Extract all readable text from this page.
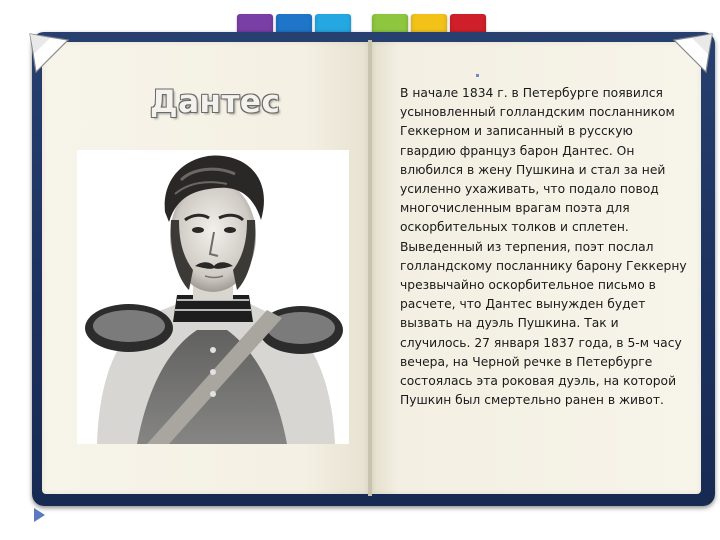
Дантес	В начале 1834 г. в Петербурге появился усыновленный голландским посланником Геккерном и записанный в русскую гвардию француз барон Дантес. Он влюбился в жену Пушкина и стал за ней усиленно ухаживать, что подало повод многочисленным врагам поэта для оскорбительных толков и сплетен. Выведенный из терпения, поэт послал голландскому посланнику барону Геккерну чрезвычайно оскорбительное письмо в расчете, что Дантес вынужден будет вызвать на дуэль Пушкина. Так и случилось. 27 января 1837 года, в 5-м часу вечера, на Черной речке в Петербурге состоялась эта роковая дуэль, на которой Пушкин был смертельно ранен в живот.
